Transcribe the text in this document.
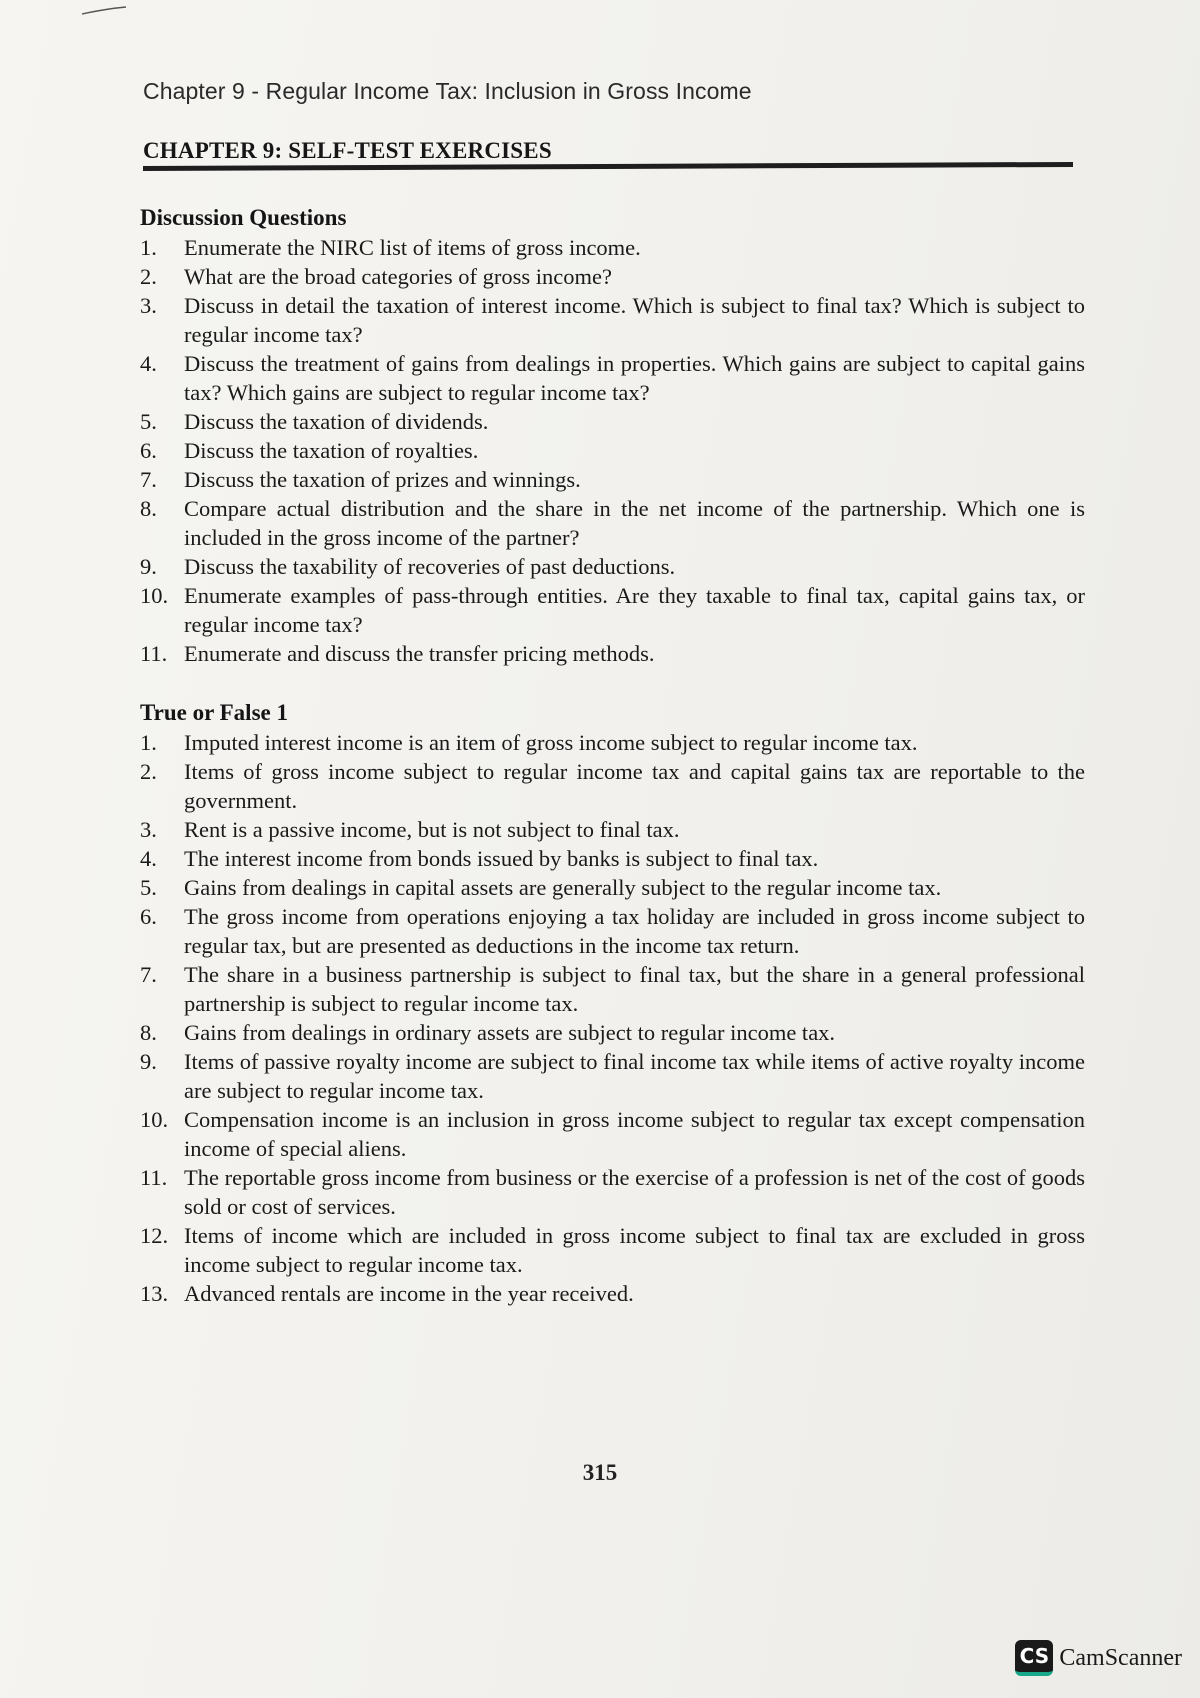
Chapter 9 - Regular Income Tax: Inclusion in Gross Income
CHAPTER 9: SELF-TEST EXERCISES
Discussion Questions
1.	Enumerate the NIRC list of items of gross income.
2.	What are the broad categories of gross income?
3.	Discuss in detail the taxation of interest income. Which is subject to final tax? Which is subject to regular income tax?
4.	Discuss the treatment of gains from dealings in properties. Which gains are subject to capital gains tax? Which gains are subject to regular income tax?
5.	Discuss the taxation of dividends.
6.	Discuss the taxation of royalties.
7.	Discuss the taxation of prizes and winnings.
8.	Compare actual distribution and the share in the net income of the partnership. Which one is included in the gross income of the partner?
9.	Discuss the taxability of recoveries of past deductions.
10. Enumerate examples of pass-through entities. Are they taxable to final tax, capital gains tax, or regular income tax?
11. Enumerate and discuss the transfer pricing methods.
True or False 1
1.	Imputed interest income is an item of gross income subject to regular income tax.
2.	Items of gross income subject to regular income tax and capital gains tax are reportable to the government.
3.	Rent is a passive income, but is not subject to final tax.
4.	The interest income from bonds issued by banks is subject to final tax.
5.	Gains from dealings in capital assets are generally subject to the regular income tax.
6.	The gross income from operations enjoying a tax holiday are included in gross income subject to regular tax, but are presented as deductions in the income tax return.
7.	The share in a business partnership is subject to final tax, but the share in a general professional partnership is subject to regular income tax.
8.	Gains from dealings in ordinary assets are subject to regular income tax.
9.	Items of passive royalty income are subject to final income tax while items of active royalty income are subject to regular income tax.
10. Compensation income is an inclusion in gross income subject to regular tax except compensation income of special aliens.
11. The reportable gross income from business or the exercise of a profession is net of the cost of goods sold or cost of services.
12. Items of income which are included in gross income subject to final tax are excluded in gross income subject to regular income tax.
13. Advanced rentals are income in the year received.
315
CS CamScanner
